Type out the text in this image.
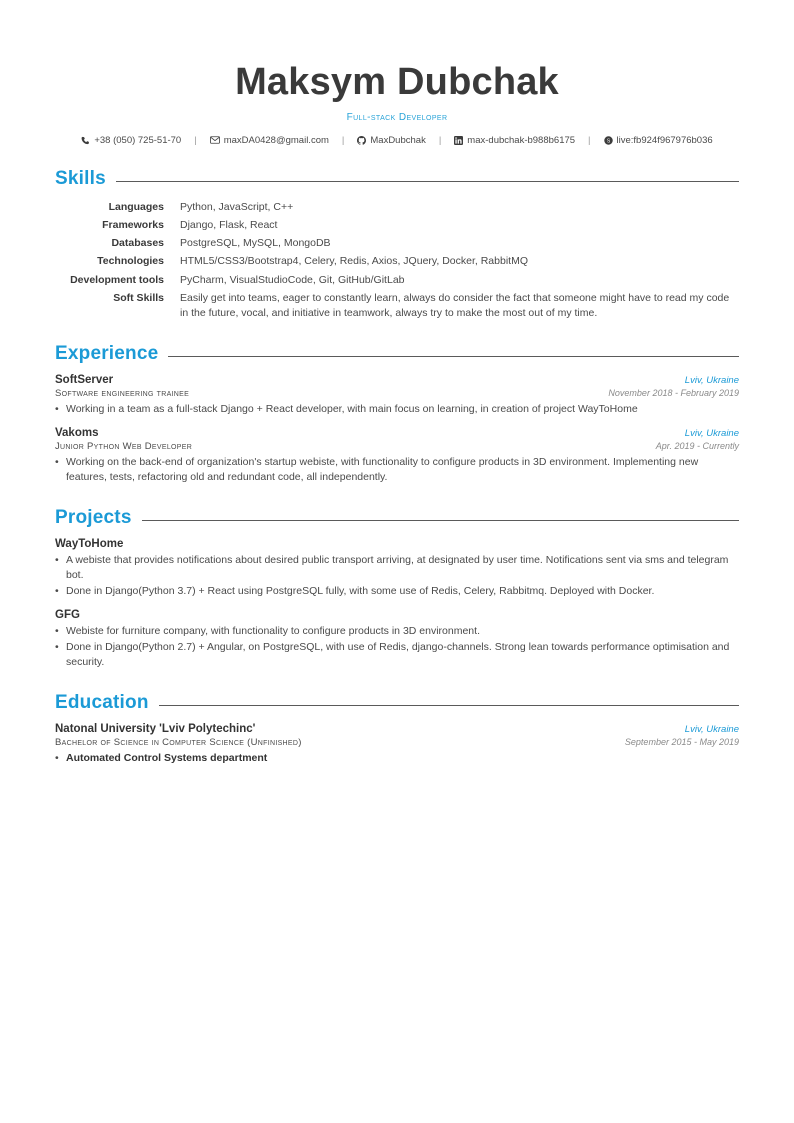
Maksym Dubchak
Full-stack Developer
+38 (050) 725-51-70	|	maxDA0428@gmail.com	|	MaxDubchak	|	max-dubchak-b988b6175	|	S live:fb924f967976b036
Skills
Languages	Python, JavaScript, C++
Frameworks	Django, Flask, React
Databases	PostgreSQL, MySQL, MongoDB
Technologies	HTML5/CSS3/Bootstrap4, Celery, Redis, Axios, JQuery, Docker, RabbitMQ
Development tools	PyCharm, VisualStudioCode, Git, GitHub/GitLab
Soft Skills	Easily get into teams, eager to constantly learn, always do consider the fact that someone might have to read my code in the future, vocal, and initiative in teamwork, always try to make the most out of my time.
Experience
SoftServer	Lviv, Ukraine
Software engineering trainee	November 2018 - February 2019
• Working in a team as a full-stack Django + React developer, with main focus on learning, in creation of project WayToHome
Vakoms	Lviv, Ukraine
Junior Python Web Developer	Apr. 2019 - Currently
• Working on the back-end of organization's startup webiste, with functionality to configure products in 3D environment. Implementing new features, tests, refactoring old and redundant code, all independently.
Projects
WayToHome
• A webiste that provides notifications about desired public transport arriving, at designated by user time. Notifications sent via sms and telegram bot.
• Done in Django(Python 3.7) + React using PostgreSQL fully, with some use of Redis, Celery, Rabbitmq. Deployed with Docker.
GFG
• Webiste for furniture company, with functionality to configure products in 3D environment.
• Done in Django(Python 2.7) + Angular, on PostgreSQL, with use of Redis, django-channels. Strong lean towards performance optimisation and security.
Education
Natonal University 'Lviv Polytechinc'	Lviv, Ukraine
Bachelor of Science in Computer Science (Unfinished)	September 2015 - May 2019
• Automated Control Systems department
